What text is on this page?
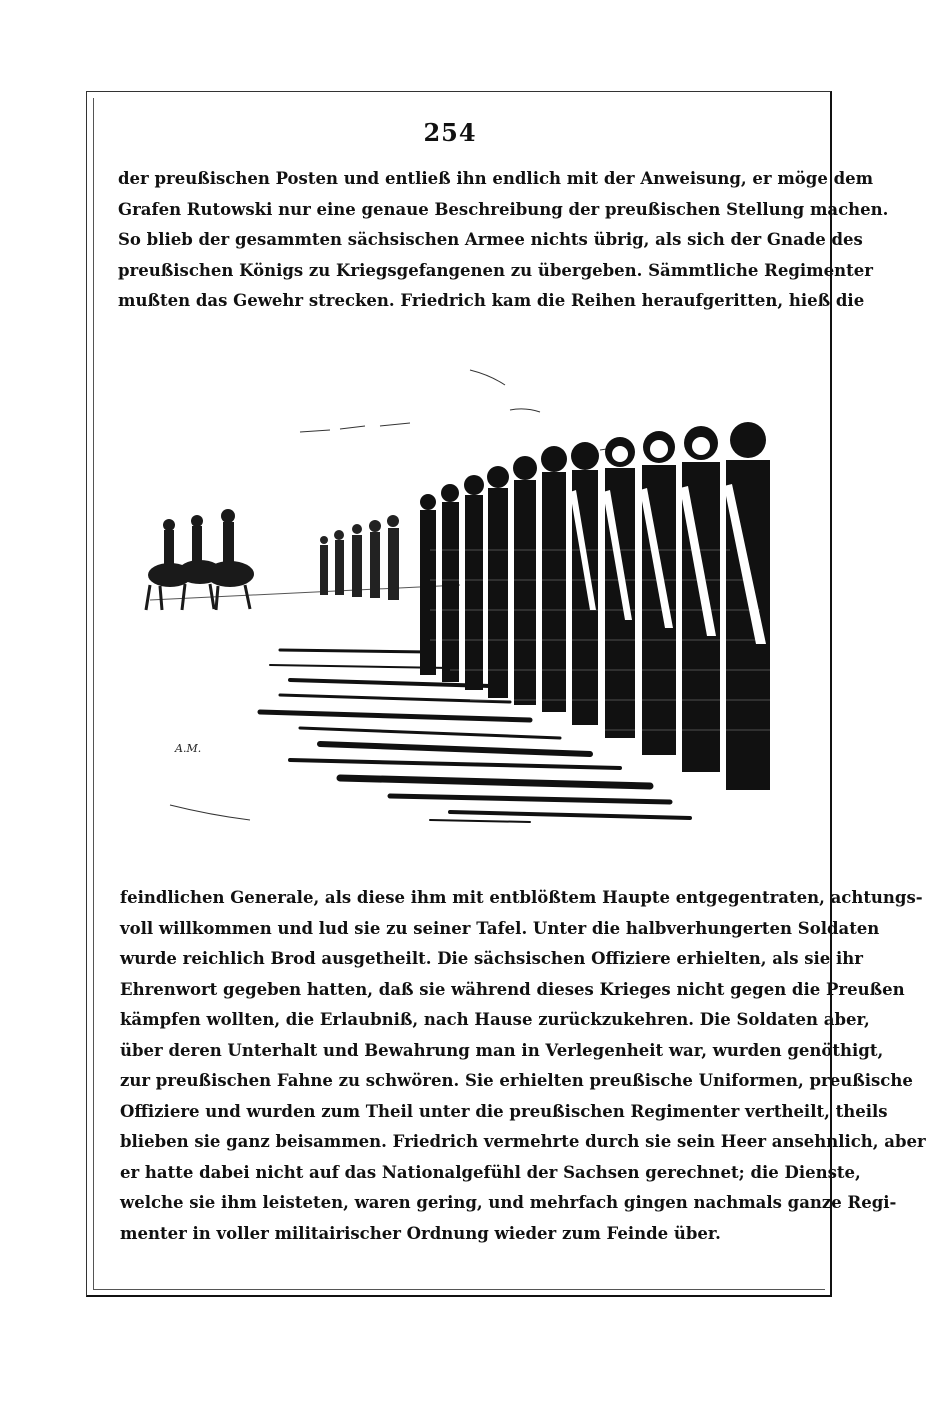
254
der preußischen Posten und entließ ihn endlich mit der Anweisung, er möge dem
Grafen Rutowski nur eine genaue Beschreibung der preußischen Stellung machen.
So blieb der gesammten sächsischen Armee nichts übrig, als sich der Gnade des
preußischen Königs zu Kriegsgefangenen zu übergeben. Sämmtliche Regimenter
mußten das Gewehr strecken. Friedrich kam die Reihen heraufgeritten, hieß die
A.M.
feindlichen Generale, als diese ihm mit entblößtem Haupte entgegentraten, achtungs-
voll willkommen und lud sie zu seiner Tafel. Unter die halbverhungerten Soldaten
wurde reichlich Brod ausgetheilt. Die sächsischen Offiziere erhielten, als sie ihr
Ehrenwort gegeben hatten, daß sie während dieses Krieges nicht gegen die Preußen
kämpfen wollten, die Erlaubniß, nach Hause zurückzukehren. Die Soldaten aber,
über deren Unterhalt und Bewahrung man in Verlegenheit war, wurden genöthigt,
zur preußischen Fahne zu schwören. Sie erhielten preußische Uniformen, preußische
Offiziere und wurden zum Theil unter die preußischen Regimenter vertheilt, theils
blieben sie ganz beisammen. Friedrich vermehrte durch sie sein Heer ansehnlich, aber
er hatte dabei nicht auf das Nationalgefühl der Sachsen gerechnet; die Dienste,
welche sie ihm leisteten, waren gering, und mehrfach gingen nachmals ganze Regi-
menter in voller militairischer Ordnung wieder zum Feinde über.
